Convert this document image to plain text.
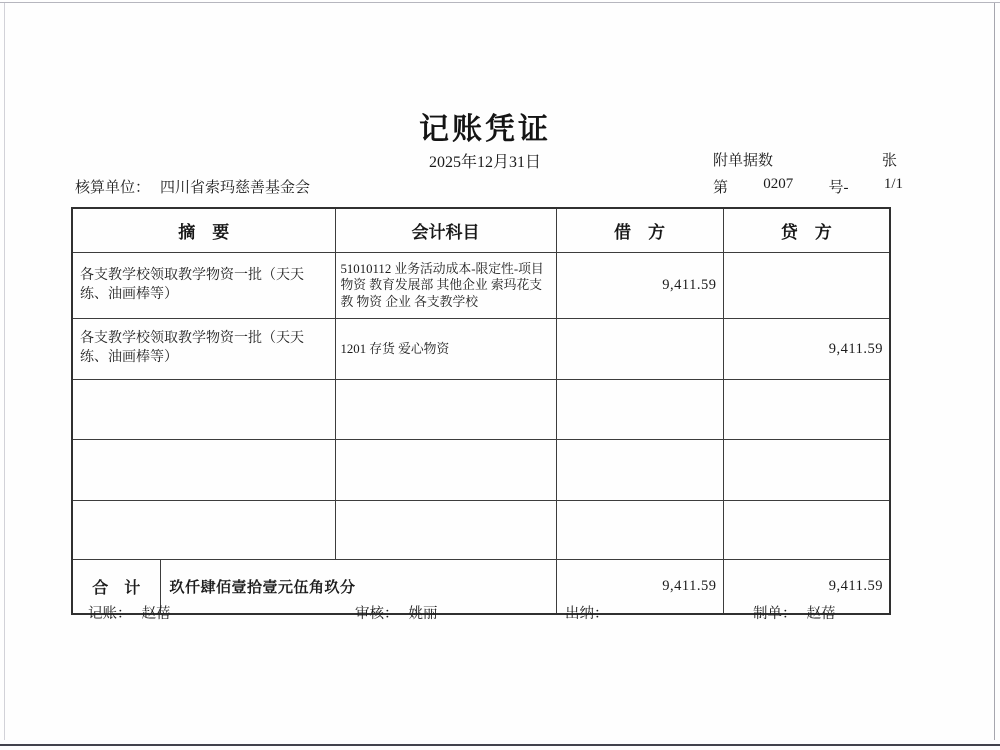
记账凭证
2025年12月31日	附单据数	张
核算单位： 四川省索玛慈善基金会	第 0207 号- 1/1
摘　要		会计科目	借　方	贷　方
各支教学校领取教学物资一批（天天练、油画棒等）		51010112 业务活动成本-限定性-项目物资 教育发展部 其他企业 索玛花支教 物资 企业 各支教学校	9,411.59	
各支教学校领取教学物资一批（天天练、油画棒等）		1201 存货 爱心物资		9,411.59

合　计	玖仟肆佰壹拾壹元伍角玖分		9,411.59	9,411.59
记账： 赵蓓	审核： 姚丽	出纳：	制单： 赵蓓
